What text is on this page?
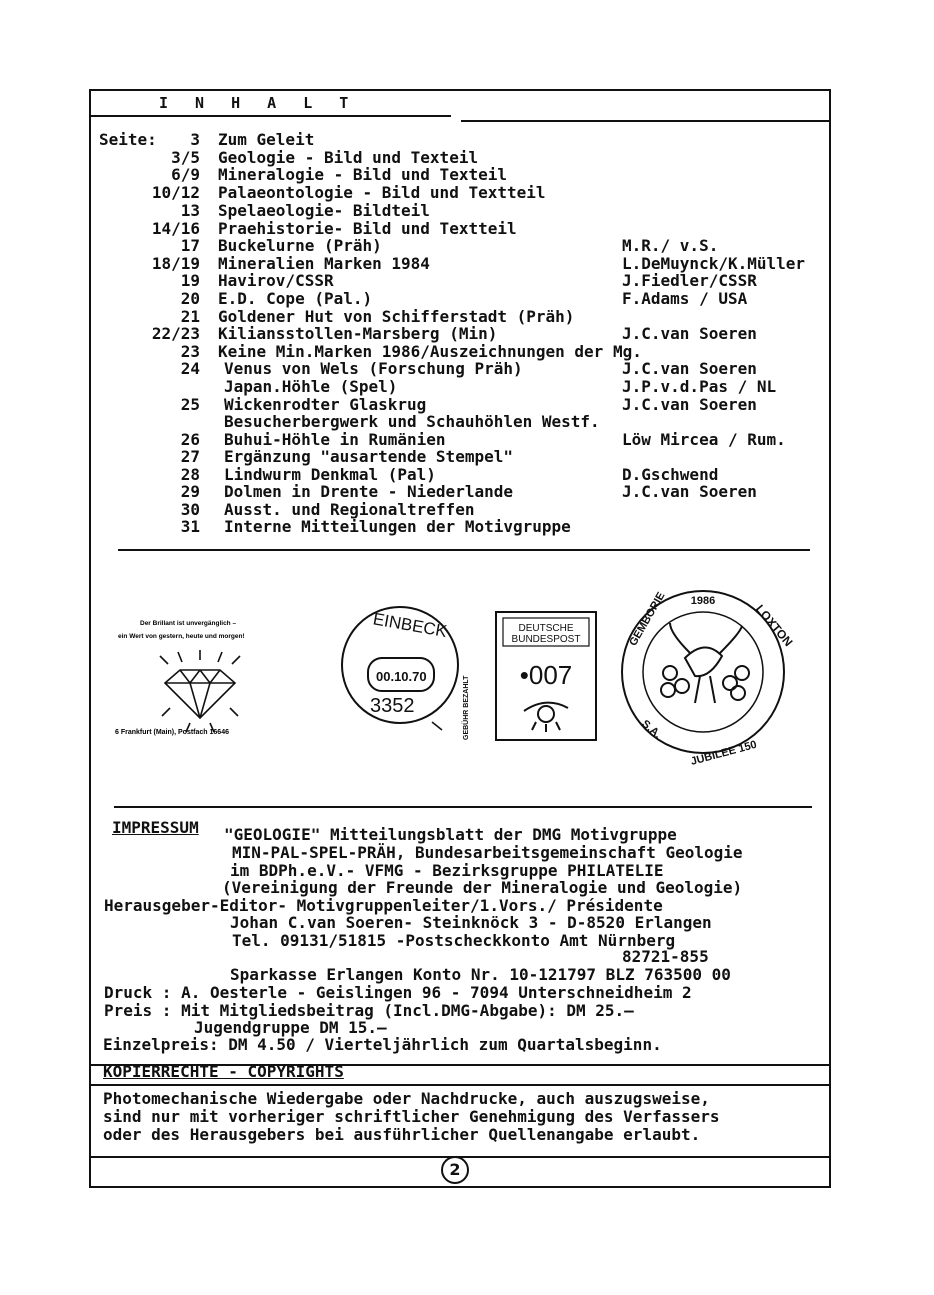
I N H A L T
Seite:	3 Zum Geleit
3/5 Geologie - Bild und Texteil
6/9 Mineralogie - Bild und Texteil
10/12 Palaeontologie - Bild und Textteil
13 Spelaeologie- Bildteil
14/16 Praehistorie- Bild und Textteil
17 Buckelurne (Präh)	M.R./ v.S.
18/19 Mineralien Marken 1984	L.DeMuynck/K.Müller
19 Havirov/CSSR	J.Fiedler/CSSR
20 E.D. Cope (Pal.)	F.Adams / USA
21 Goldener Hut von Schifferstadt (Präh)
22/23 Kiliansstollen-Marsberg (Min)	J.C.van Soeren
23 Keine Min.Marken 1986/Auszeichnungen der Mg.
24 Venus von Wels (Forschung Präh)	J.C.van Soeren
Japan.Höhle (Spel)	J.P.v.d.Pas / NL
25 Wickenrodter Glaskrug	J.C.van Soeren
Besucherbergwerk und Schauhöhlen Westf.
26 Buhui-Höhle in Rumänien	Löw Mircea / Rum.
27 Ergänzung "ausartende Stempel"
28 Lindwurm Denkmal (Pal)	D.Gschwend
29 Dolmen in Drente - Niederlande	J.C.van Soeren
30 Ausst. und Regionaltreffen
31 Interne Mitteilungen der Motivgruppe
Der Brillant ist unvergänglich –
ein Wert von gestern, heute und morgen!
6 Frankfurt (Main), Postfach 16646
EINBECK
00.10.70
3352	GEBÜHR BEZAHLT
DEUTSCHE
BUNDESPOST
•007
1986
LOXTON
GEMBORIE
S.A.
JUBILEE 150
IMPRESSUM "GEOLOGIE" Mitteilungsblatt der DMG Motivgruppe
MIN-PAL-SPEL-PRÄH, Bundesarbeitsgemeinschaft Geologie
im BDPh.e.V.- VFMG - Bezirksgruppe PHILATELIE
(Vereinigung der Freunde der Mineralogie und Geologie)
Herausgeber-Editor- Motivgruppenleiter/1.Vors./ Présidente
Johan C.van Soeren- Steinknöck 3 - D-8520 Erlangen
Tel. 09131/51815 -Postscheckkonto Amt Nürnberg
82721-855
Sparkasse Erlangen Konto Nr. 10-121797 BLZ 763500 00
Druck : A. Oesterle - Geislingen 96 - 7094 Unterschneidheim 2
Preis : Mit Mitgliedsbeitrag (Incl.DMG-Abgabe): DM 25.—
Jugendgruppe DM 15.—
Einzelpreis: DM 4.50 / Vierteljährlich zum Quartalsbeginn.
KOPIERRECHTE - COPYRIGHTS
Photomechanische Wiedergabe oder Nachdrucke, auch auszugsweise,
sind nur mit vorheriger schriftlicher Genehmigung des Verfassers
oder des Herausgebers bei ausführlicher Quellenangabe erlaubt.
2
